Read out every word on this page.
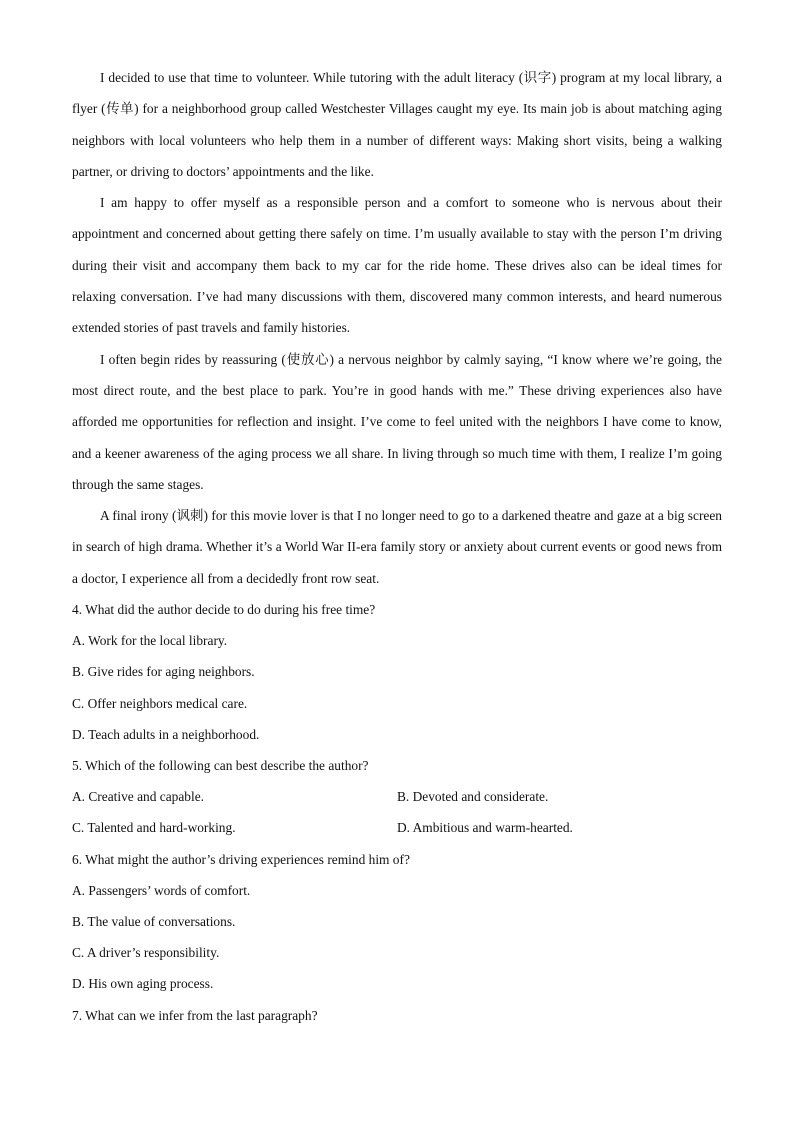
I decided to use that time to volunteer. While tutoring with the adult literacy (识字) program at my local library, a flyer (传单) for a neighborhood group called Westchester Villages caught my eye. Its main job is about matching aging neighbors with local volunteers who help them in a number of different ways: Making short visits, being a walking partner, or driving to doctors’ appointments and the like.

I am happy to offer myself as a responsible person and a comfort to someone who is nervous about their appointment and concerned about getting there safely on time. I’m usually available to stay with the person I’m driving during their visit and accompany them back to my car for the ride home. These drives also can be ideal times for relaxing conversation. I’ve had many discussions with them, discovered many common interests, and heard numerous extended stories of past travels and family histories.

I often begin rides by reassuring (使放心) a nervous neighbor by calmly saying, “I know where we’re going, the most direct route, and the best place to park. You’re in good hands with me.” These driving experiences also have afforded me opportunities for reflection and insight. I’ve come to feel united with the neighbors I have come to know, and a keener awareness of the aging process we all share. In living through so much time with them, I realize I’m going through the same stages.

A final irony (讽刺) for this movie lover is that I no longer need to go to a darkened theatre and gaze at a big screen in search of high drama. Whether it’s a World War II-era family story or anxiety about current events or good news from a doctor, I experience all from a decidedly front row seat.

4. What did the author decide to do during his free time?

A. Work for the local library.

B. Give rides for aging neighbors.

C. Offer neighbors medical care.

D. Teach adults in a neighborhood.

5. Which of the following can best describe the author?

A. Creative and capable.	B. Devoted and considerate.
C. Talented and hard-working.	D. Ambitious and warm-hearted.

6. What might the author’s driving experiences remind him of?

A. Passengers’ words of comfort.

B. The value of conversations.

C. A driver’s responsibility.

D. His own aging process.

7. What can we infer from the last paragraph?
